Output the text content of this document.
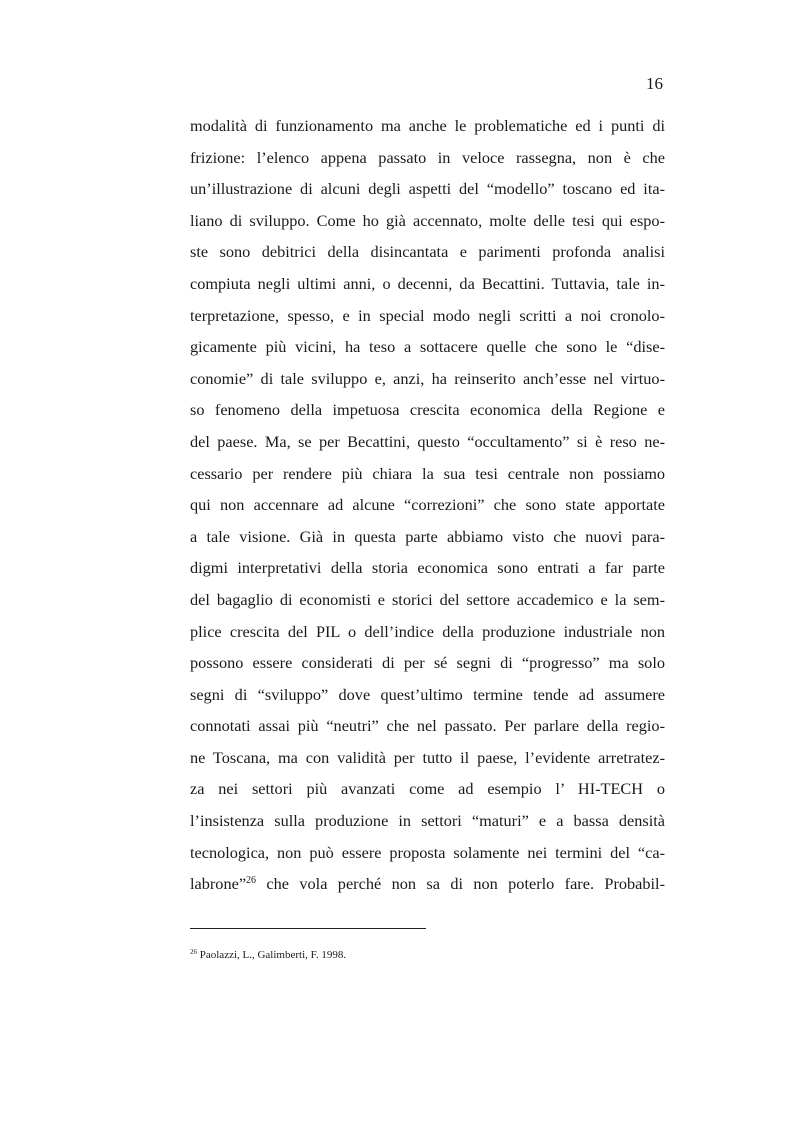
16
modalità di funzionamento ma anche le problematiche ed i punti di
frizione: l’elenco appena passato in veloce rassegna, non è che
un’illustrazione di alcuni degli aspetti del “modello” toscano ed ita-
liano di sviluppo. Come ho già accennato, molte delle tesi qui espo-
ste sono debitrici della disincantata e parimenti profonda analisi
compiuta negli ultimi anni, o decenni, da Becattini. Tuttavia, tale in-
terpretazione, spesso, e in special modo negli scritti a noi cronolo-
gicamente più vicini, ha teso a sottacere quelle che sono le “dise-
conomie” di tale sviluppo e, anzi, ha reinserito anch’esse nel virtuo-
so fenomeno della impetuosa crescita economica della Regione e
del paese. Ma, se per Becattini, questo “occultamento” si è reso ne-
cessario per rendere più chiara la sua tesi centrale non possiamo
qui non accennare ad alcune “correzioni” che sono state apportate
a tale visione. Già in questa parte abbiamo visto che nuovi para-
digmi interpretativi della storia economica sono entrati a far parte
del bagaglio di economisti e storici del settore accademico e la sem-
plice crescita del PIL o dell’indice della produzione industriale non
possono essere considerati di per sé segni di “progresso” ma solo
segni di “sviluppo” dove quest’ultimo termine tende ad assumere
connotati assai più “neutri” che nel passato. Per parlare della regio-
ne Toscana, ma con validità per tutto il paese, l’evidente arretratez-
za nei settori più avanzati come ad esempio l’ HI-TECH o
l’insistenza sulla produzione in settori “maturi” e a bassa densità
tecnologica, non può essere proposta solamente nei termini del “ca-
labrone”$^{26}$ che vola perché non sa di non poterlo fare. Probabil-
$^{26}$ Paolazzi, L., Galimberti, F. 1998.
